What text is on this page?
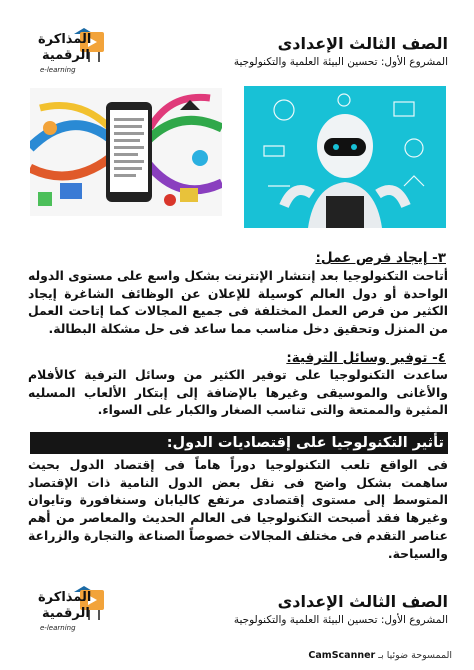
المذاكرة
الرقمية
e-learning
الصف الثالث الإعدادى
المشروع الأول: تحسين البيئة العلمية والتكنولوجية
٣- إيجاد فرص عمل:
أتاحت التكنولوجيا بعد إنتشار الإنترنت بشكل واسع على مستوى الدوله الواحدة أو دول العالم كوسيلة للإعلان عن الوظائف الشاغرة إيجاد الكثير من فرص العمل المختلفة فى جميع المجالات كما إتاحت العمل من المنزل وتحقيق دخل مناسب مما ساعد فى حل مشكلة البطالة.
٤- توفير وسائل الترفية:
ساعدت التكنولوجيا على توفير الكثير من وسائل الترفية كالأفلام والأغانى والموسيقى وغيرها بالإضافة إلى إبتكار الألعاب المسليه المثيرة والممتعة والتى تناسب الصغار والكبار على السواء.
تأثير التكنولوجيا على إقتصاديات الدول:
فى الواقع تلعب التكنولوجيا دوراً هاماً فى إقتصاد الدول بحيث ساهمت بشكل واضح فى نقل بعض الدول النامية ذات الإقتصاد المتوسط إلى مستوى إقتصادى مرتفع كاليابان وسنغافورة وتايوان وغيرها فقد أصبحت التكنولوجيا فى العالم الحديث والمعاصر من أهم عناصر التقدم فى مختلف المجالات خصوصاً الصناعة والتجارة والزراعة والسياحة.
المذاكرة
الرقمية
e-learning
الصف الثالث الإعدادى
المشروع الأول: تحسين البيئة العلمية والتكنولوجية
الممسوحة ضوئيا بـ CamScanner
